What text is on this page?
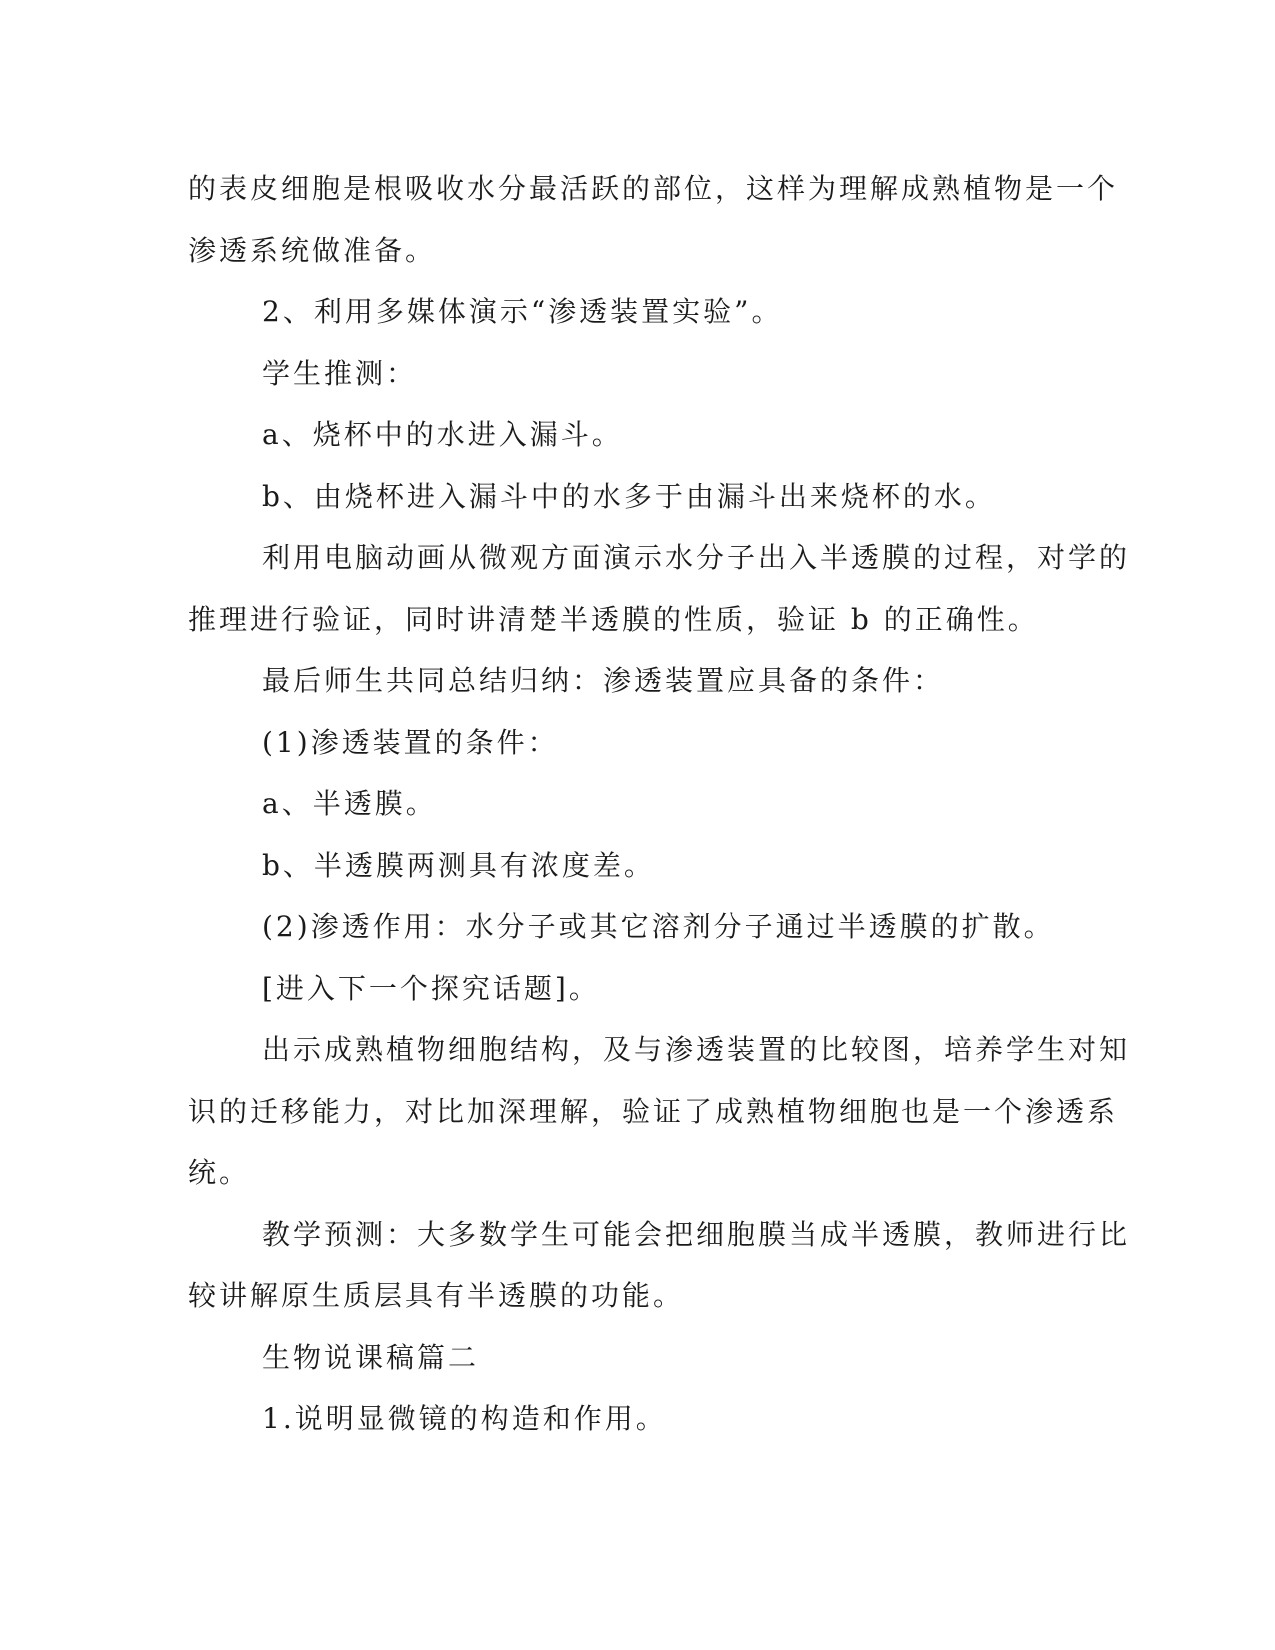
的表皮细胞是根吸收水分最活跃的部位，这样为理解成熟植物是一个

渗透系统做准备。

2、利用多媒体演示“渗透装置实验”。

学生推测：

a、烧杯中的水进入漏斗。

b、由烧杯进入漏斗中的水多于由漏斗出来烧杯的水。

利用电脑动画从微观方面演示水分子出入半透膜的过程，对学的

推理进行验证，同时讲清楚半透膜的性质，验证 b 的正确性。

最后师生共同总结归纳：渗透装置应具备的条件：

(1)渗透装置的条件：

a、半透膜。

b、半透膜两测具有浓度差。

(2)渗透作用：水分子或其它溶剂分子通过半透膜的扩散。

[进入下一个探究话题]。

出示成熟植物细胞结构，及与渗透装置的比较图，培养学生对知

识的迁移能力，对比加深理解，验证了成熟植物细胞也是一个渗透系

统。

教学预测：大多数学生可能会把细胞膜当成半透膜，教师进行比

较讲解原生质层具有半透膜的功能。

生物说课稿篇二

1.说明显微镜的构造和作用。
